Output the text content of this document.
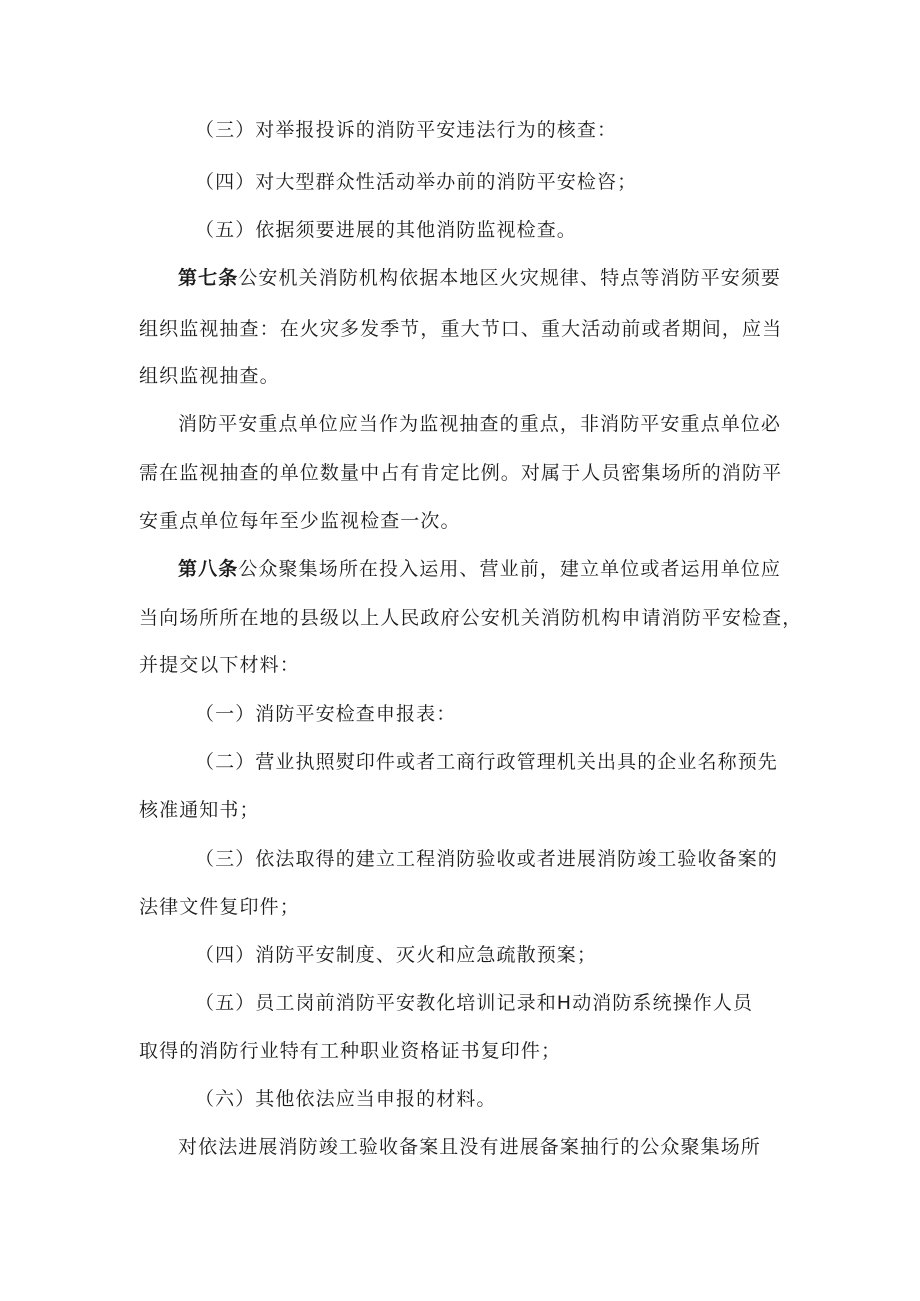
（三）对举报投诉的消防平安违法行为的核查：
（四）对大型群众性活动举办前的消防平安检咨；
（五）依据须要进展的其他消防监视检查。
第七条公安机关消防机构依据本地区火灾规律、特点等消防平安须要
组织监视抽查：在火灾多发季节，重大节口、重大活动前或者期间，应当
组织监视抽查。
消防平安重点单位应当作为监视抽查的重点，非消防平安重点单位必
需在监视抽查的单位数量中占有肯定比例。对属于人员密集场所的消防平
安重点单位每年至少监视检查一次。
第八条公众聚集场所在投入运用、营业前，建立单位或者运用单位应
当向场所所在地的县级以上人民政府公安机关消防机构申请消防平安检查，
并提交以下材料：
（一）消防平安检查申报表：
（二）营业执照熨印件或者工商行政管理机关出具的企业名称预先
核准通知书；
（三）依法取得的建立工程消防验收或者进展消防竣工验收备案的
法律文件复印件；
（四）消防平安制度、灭火和应急疏散预案；
（五）员工岗前消防平安教化培训记录和H动消防系统操作人员
取得的消防行业特有工种职业资格证书复印件；
（六）其他依法应当申报的材料。
对依法进展消防竣工验收备案且没有进展备案抽行的公众聚集场所
